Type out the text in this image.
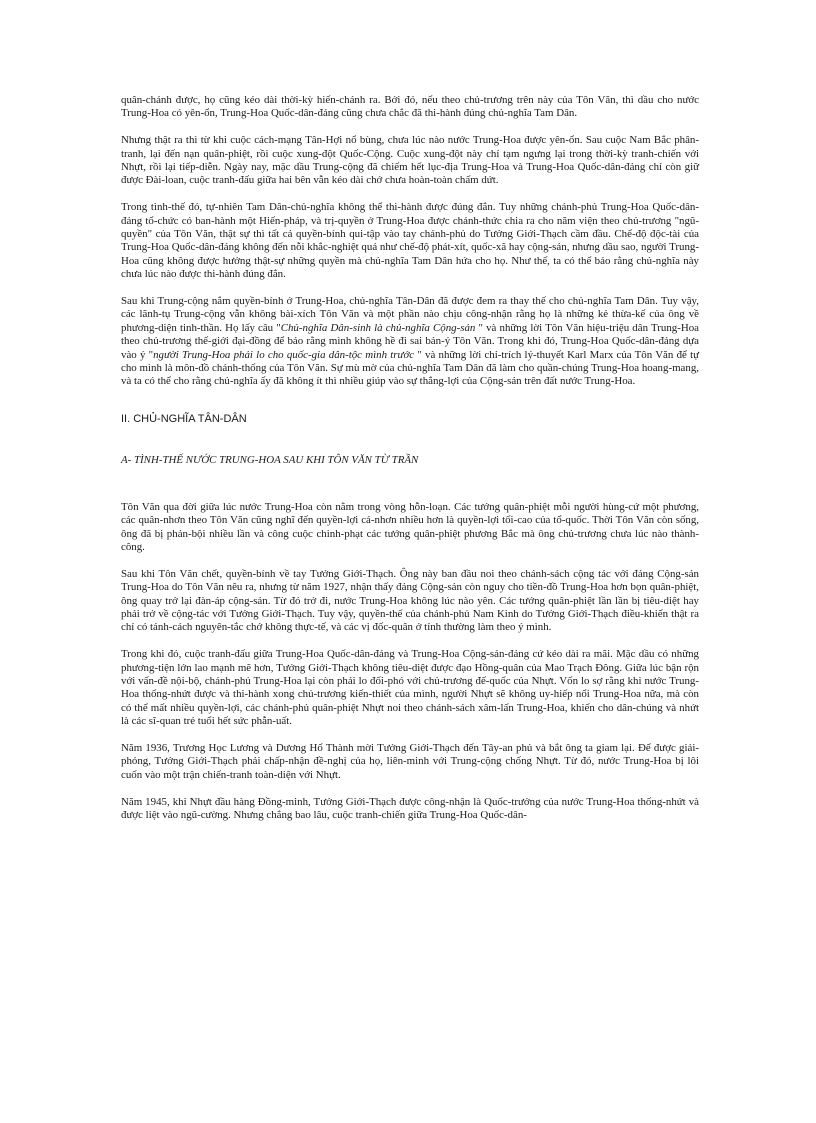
quân-chánh được, họ cũng kéo dài thời-kỳ hiến-chánh ra. Bởi đó, nếu theo chủ-trương trên này của Tôn Văn, thì dầu cho nước Trung-Hoa có yên-ổn, Trung-Hoa Quốc-dân-đảng cũng chưa chắc đã thi-hành đúng chủ-nghĩa Tam Dân.

Nhưng thật ra thì từ khi cuộc cách-mạng Tân-Hợi nổ bùng, chưa lúc nào nước Trung-Hoa được yên-ổn. Sau cuộc Nam Bắc phân-tranh, lại đến nạn quân-phiệt, rồi cuộc xung-đột Quốc-Cộng. Cuộc xung-đột này chỉ tạm ngưng lại trong thời-kỳ tranh-chiến với Nhựt, rồi lại tiếp-diễn. Ngày nay, mặc dầu Trung-cộng đã chiếm hết lục-địa Trung-Hoa và Trung-Hoa Quốc-dân-đảng chỉ còn giữ được Đài-loan, cuộc tranh-đấu giữa hai bên vẫn kéo dài chớ chưa hoàn-toàn chấm dứt.

Trong tình-thế đó, tự-nhiên Tam Dân-chủ-nghĩa không thể thi-hành được đúng đắn. Tuy những chánh-phủ Trung-Hoa Quốc-dân-đảng tổ-chức có ban-hành một Hiến-pháp, và trị-quyền ở Trung-Hoa được chánh-thức chia ra cho năm viện theo chủ-trương "ngũ-quyền" của Tôn Văn, thật sự thì tất cả quyền-bính qui-tập vào tay chánh-phủ do Tưởng Giới-Thạch cầm đầu. Chế-độ độc-tài của Trung-Hoa Quốc-dân-đảng không đến nỗi khắc-nghiệt quá như chế-độ phát-xít, quốc-xã hay cộng-sản, nhưng dầu sao, người Trung-Hoa cũng không được hưởng thật-sự những quyền mà chủ-nghĩa Tam Dân hứa cho họ. Như thế, ta có thể bảo rằng chủ-nghĩa này chưa lúc nào được thi-hành đúng đắn.

Sau khi Trung-cộng nắm quyền-bính ở Trung-Hoa, chủ-nghĩa Tân-Dân đã được đem ra thay thế cho chủ-nghĩa Tam Dân. Tuy vậy, các lãnh-tụ Trung-cộng vẫn không bài-xích Tôn Văn và một phần nào chịu công-nhận rằng họ là những kẻ thừa-kế của ông về phương-diện tinh-thần. Họ lấy câu "Chủ-nghĩa Dân-sinh là chủ-nghĩa Cộng-sản " và những lời Tôn Văn hiệu-triệu dân Trung-Hoa theo chủ-trương thế-giới đại-đồng để bảo rằng mình không hề đi sai bản-ý Tôn Văn. Trong khi đó, Trung-Hoa Quốc-dân-đảng dựa vào ý "người Trung-Hoa phải lo cho quốc-gia dân-tộc mình trước " và những lời chỉ-trích lý-thuyết Karl Marx của Tôn Văn để tự cho mình là môn-đồ chánh-thống của Tôn Văn. Sự mù mờ của chủ-nghĩa Tam Dân đã làm cho quần-chúng Trung-Hoa hoang-mang, và ta có thể cho rằng chủ-nghĩa ấy đã không ít thì nhiều giúp vào sự thắng-lợi của Cộng-sản trên đất nước Trung-Hoa.

II. CHỦ-NGHĨA TÂN-DÂN
A- TÌNH-THẾ NƯỚC TRUNG-HOA SAU KHI TÔN VĂN TỪ TRẦN

Tôn Văn qua đời giữa lúc nước Trung-Hoa còn nằm trong vòng hỗn-loạn. Các tướng quân-phiệt mỗi người hùng-cứ một phương, các quân-nhơn theo Tôn Văn cũng nghĩ đến quyền-lợi cá-nhơn nhiều hơn là quyền-lợi tối-cao của tổ-quốc. Thời Tôn Văn còn sống, ông đã bị phản-bội nhiều lần và công cuộc chinh-phạt các tướng quân-phiệt phương Bắc mà ông chủ-trương chưa lúc nào thành-công.

Sau khi Tôn Văn chết, quyền-bính về tay Tưởng Giới-Thạch. Ông này ban đầu noi theo chánh-sách cộng tác với đảng Cộng-sản Trung-Hoa do Tôn Văn nêu ra, nhưng từ năm 1927, nhận thấy đảng Cộng-sản còn nguy cho tiền-đồ Trung-Hoa hơn bọn quân-phiệt, ông quay trở lại đàn-áp cộng-sản. Từ đó trở đi, nước Trung-Hoa không lúc nào yên. Các tướng quân-phiệt lần lần bị tiêu-diệt hay phải trở về cộng-tác với Tưởng Giới-Thạch. Tuy vậy, quyền-thế của chánh-phủ Nam Kinh do Tưởng Giới-Thạch điều-khiển thật ra chỉ có tánh-cách nguyên-tắc chớ không thực-tế, và các vị đốc-quân ở tỉnh thường làm theo ý mình.

Trong khi đó, cuộc tranh-đấu giữa Trung-Hoa Quốc-dân-đảng và Trung-Hoa Cộng-sản-đảng cứ kéo dài ra mãi. Mặc dầu có những phương-tiện lớn lao mạnh mẽ hơn, Tưởng Giới-Thạch không tiêu-diệt được đạo Hồng-quân của Mao Trạch Đông. Giữa lúc bận rộn với vấn-đề nội-bộ, chánh-phủ Trung-Hoa lại còn phải lo đối-phó với chủ-trương đế-quốc của Nhựt. Vốn lo sợ rằng khi nước Trung-Hoa thống-nhứt được và thi-hành xong chủ-trương kiến-thiết của mình, người Nhựt sẽ không uy-hiếp nổi Trung-Hoa nữa, mà còn có thể mất nhiều quyền-lợi, các chánh-phủ quân-phiệt Nhựt noi theo chánh-sách xâm-lấn Trung-Hoa, khiến cho dân-chúng và nhứt là các sĩ-quan trẻ tuổi hết sức phẫn-uất.

Năm 1936, Trương Học Lương và Dương Hổ Thành mời Tưởng Giới-Thạch đến Tây-an phủ và bắt ông ta giam lại. Để được giải-phóng, Tưởng Giới-Thạch phải chấp-nhận đề-nghị của họ, liên-minh với Trung-cộng chống Nhựt. Từ đó, nước Trung-Hoa bị lôi cuốn vào một trận chiến-tranh toàn-diện với Nhựt.

Năm 1945, khi Nhựt đầu hàng Đồng-minh, Tưởng Giới-Thạch được công-nhận là Quốc-trưởng của nước Trung-Hoa thống-nhứt và được liệt vào ngũ-cường. Nhưng chẳng bao lâu, cuộc tranh-chiến giữa Trung-Hoa Quốc-dân-
